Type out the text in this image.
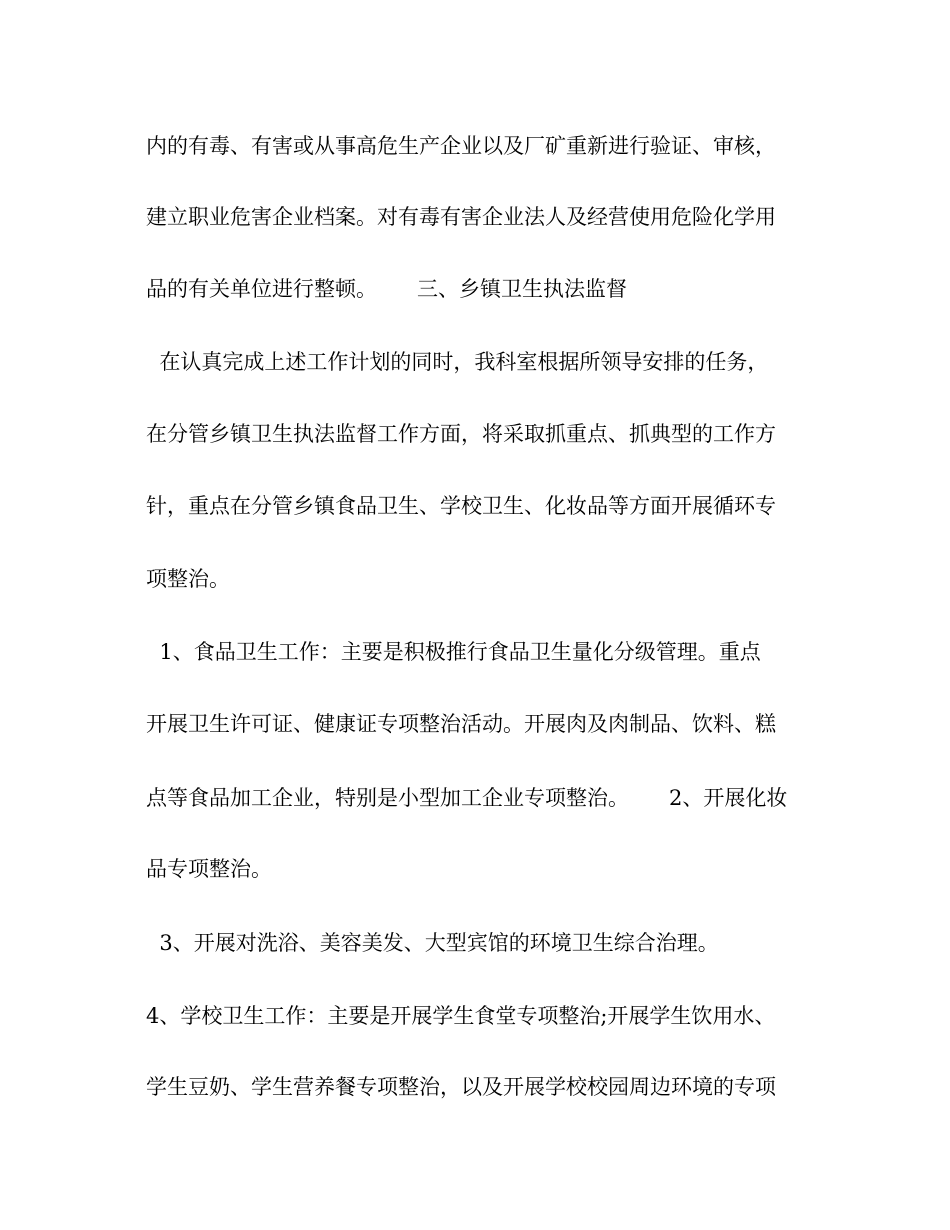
内的有毒、有害或从事高危生产企业以及厂矿重新进行验证、审核，
建立职业危害企业档案。对有毒有害企业法人及经营使用危险化学用
品的有关单位进行整顿。      三、乡镇卫生执法监督
在认真完成上述工作计划的同时，我科室根据所领导安排的任务，
在分管乡镇卫生执法监督工作方面，将采取抓重点、抓典型的工作方
针，重点在分管乡镇食品卫生、学校卫生、化妆品等方面开展循环专
项整治。
1、食品卫生工作：主要是积极推行食品卫生量化分级管理。重点
开展卫生许可证、健康证专项整治活动。开展肉及肉制品、饮料、糕
点等食品加工企业，特别是小型加工企业专项整治。      2、开展化妆
品专项整治。
3、开展对洗浴、美容美发、大型宾馆的环境卫生综合治理。
4、学校卫生工作：主要是开展学生食堂专项整治;开展学生饮用水、
学生豆奶、学生营养餐专项整治，以及开展学校校园周边环境的专项
